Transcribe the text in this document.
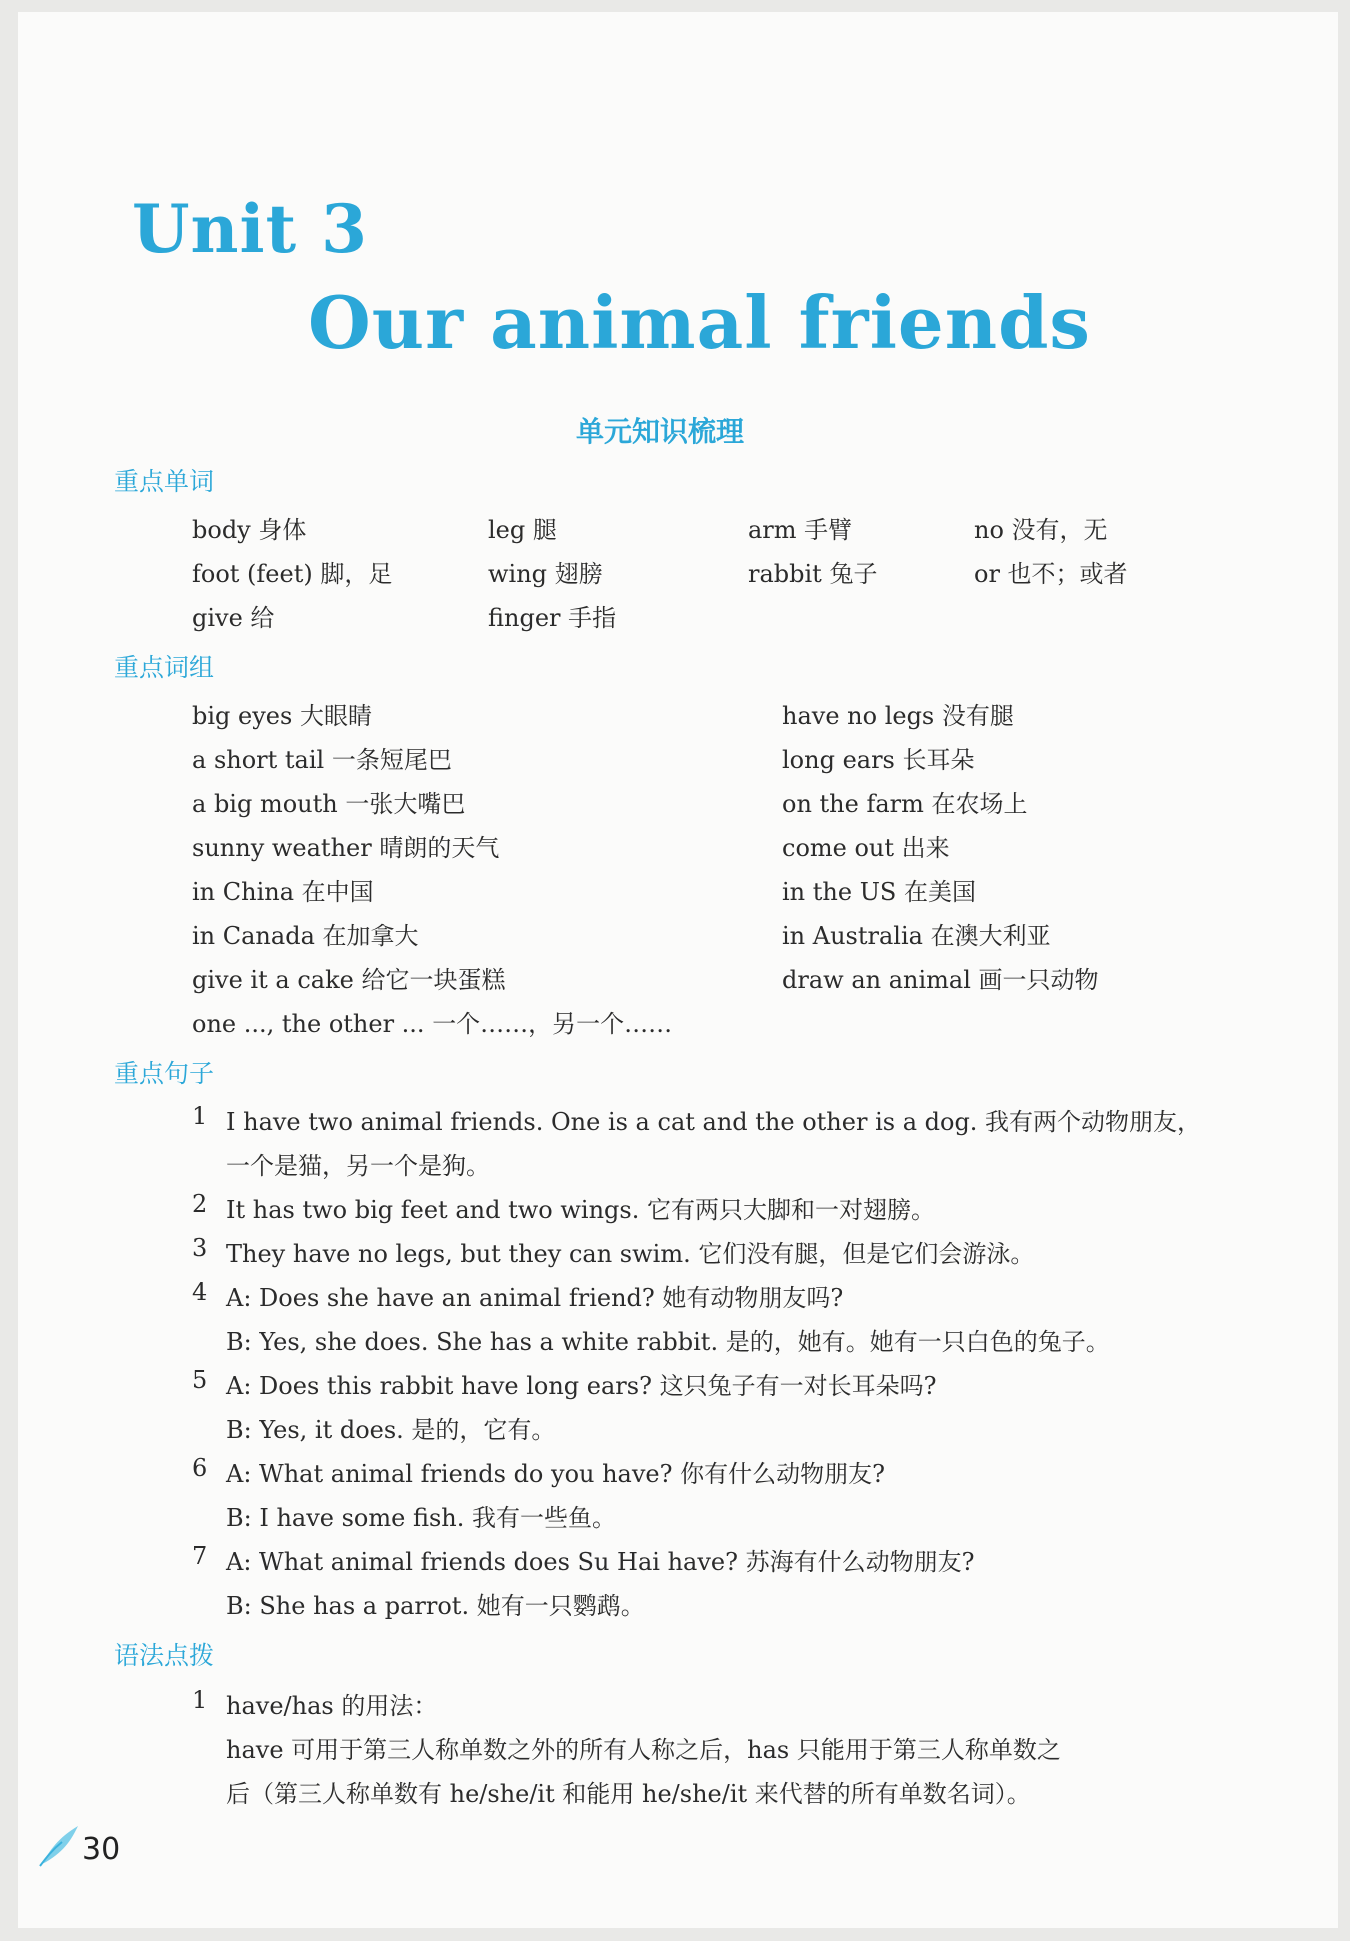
Unit 3
Our animal friends
单元知识梳理
重点单词
body 身体
foot (feet) 脚，足
give 给
leg 腿
wing 翅膀
finger 手指
arm 手臂
rabbit 兔子
no 没有，无
or 也不；或者
重点词组
big eyes 大眼睛
a short tail 一条短尾巴
a big mouth 一张大嘴巴
sunny weather 晴朗的天气
in China 在中国
in Canada 在加拿大
give it a cake 给它一块蛋糕
one ..., the other ... 一个……，另一个……
have no legs 没有腿
long ears 长耳朵
on the farm 在农场上
come out 出来
in the US 在美国
in Australia 在澳大利亚
draw an animal 画一只动物
重点句子
1 I have two animal friends. One is a cat and the other is a dog. 我有两个动物朋友，
一个是猫，另一个是狗。
2 It has two big feet and two wings. 它有两只大脚和一对翅膀。
3 They have no legs, but they can swim. 它们没有腿，但是它们会游泳。
4 A: Does she have an animal friend? 她有动物朋友吗?
B: Yes, she does. She has a white rabbit. 是的，她有。她有一只白色的兔子。
5 A: Does this rabbit have long ears? 这只兔子有一对长耳朵吗?
B: Yes, it does. 是的，它有。
6 A: What animal friends do you have? 你有什么动物朋友?
B: I have some fish. 我有一些鱼。
7 A: What animal friends does Su Hai have? 苏海有什么动物朋友?
B: She has a parrot. 她有一只鹦鹉。
语法点拨
1 have/has 的用法：
have 可用于第三人称单数之外的所有人称之后，has 只能用于第三人称单数之
后（第三人称单数有 he/she/it 和能用 he/she/it 来代替的所有单数名词）。
30
